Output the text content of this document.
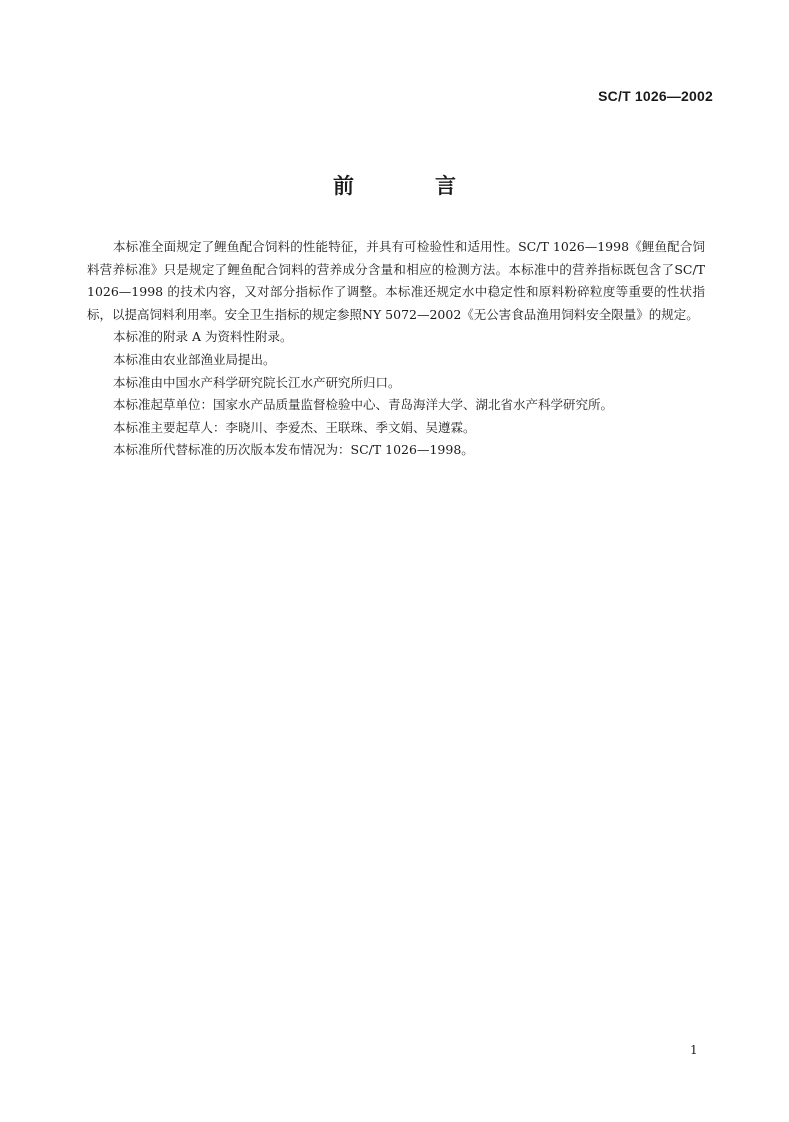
SC/T 1026—2002
前　言

本标准全面规定了鲤鱼配合饲料的性能特征，并具有可检验性和适用性。SC/T 1026—1998《鲤鱼配合饲料营养标准》只是规定了鲤鱼配合饲料的营养成分含量和相应的检测方法。本标准中的营养指标既包含了SC/T 1026—1998 的技术内容，又对部分指标作了调整。本标准还规定水中稳定性和原料粉碎粒度等重要的性状指标，以提高饲料利用率。安全卫生指标的规定参照NY 5072—2002《无公害食品渔用饲料安全限量》的规定。

本标准的附录 A 为资料性附录。

本标准由农业部渔业局提出。

本标准由中国水产科学研究院长江水产研究所归口。

本标准起草单位：国家水产品质量监督检验中心、青岛海洋大学、湖北省水产科学研究所。

本标准主要起草人：李晓川、李爱杰、王联珠、季文娟、吴遵霖。

本标准所代替标准的历次版本发布情况为：SC/T 1026—1998。

1
